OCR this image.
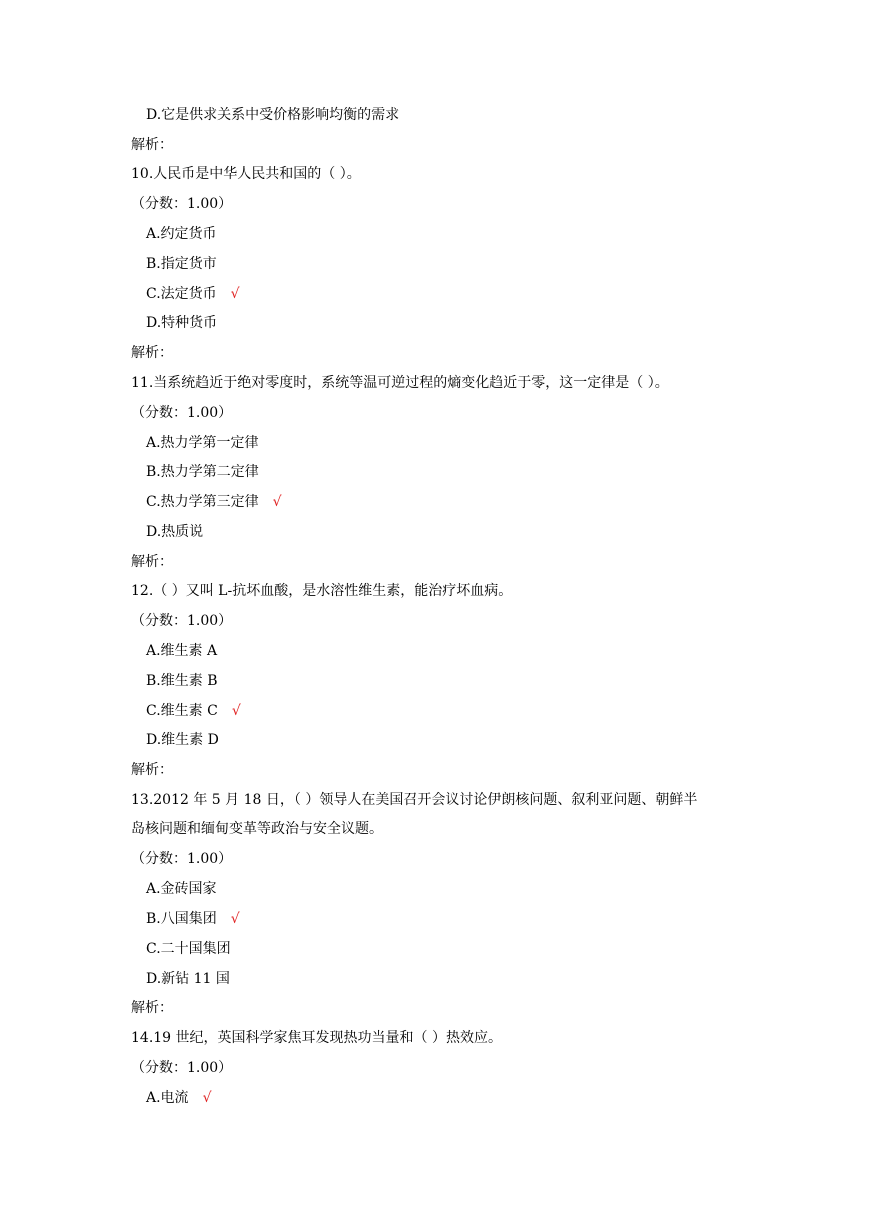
D.它是供求关系中受价格影响均衡的需求
解析：
10.人民币是中华人民共和国的（ ）。
（分数：1.00）
A.约定货币
B.指定货市
C.法定货币 √
D.特种货币
解析：
11.当系统趋近于绝对零度时，系统等温可逆过程的熵变化趋近于零，这一定律是（ ）。
（分数：1.00）
A.热力学第一定律
B.热力学第二定律
C.热力学第三定律 √
D.热质说
解析：
12.（ ）又叫 L-抗坏血酸，是水溶性维生素，能治疗坏血病。
（分数：1.00）
A.维生素 A
B.维生素 B
C.维生素 C √
D.维生素 D
解析：
13.2012 年 5 月 18 日，（ ）领导人在美国召开会议讨论伊朗核问题、叙利亚问题、朝鲜半
岛核问题和缅甸变革等政治与安全议题。
（分数：1.00）
A.金砖国家
B.八国集团 √
C.二十国集团
D.新钻 11 国
解析：
14.19 世纪，英国科学家焦耳发现热功当量和（ ）热效应。
（分数：1.00）
A.电流 √
